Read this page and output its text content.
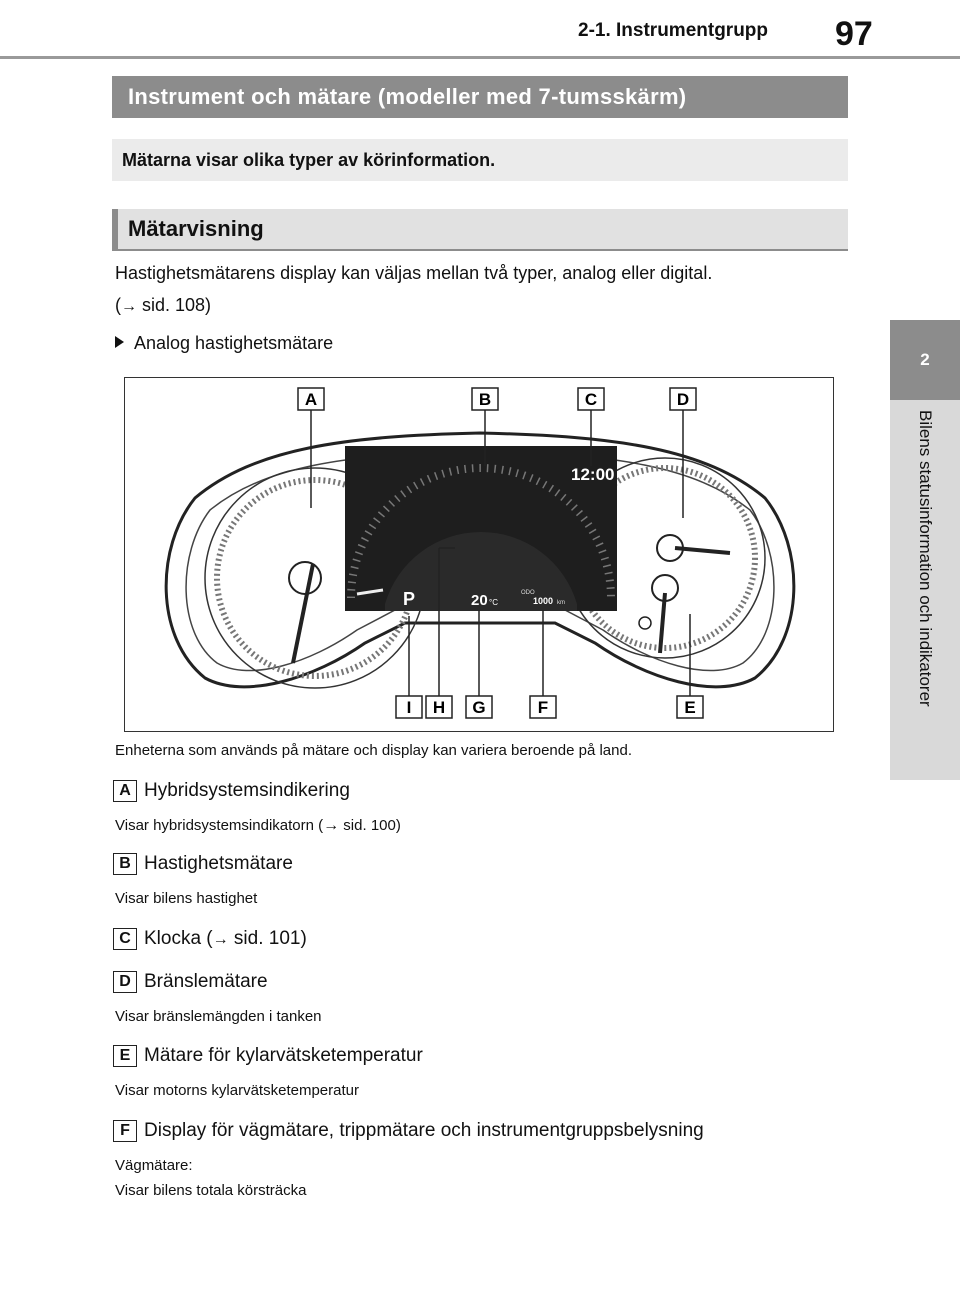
2-1. Instrumentgrupp 97
2
Bilens statusinformation och indikatorer
Instrument och mätare (modeller med 7-tumsskärm)
Mätarna visar olika typer av körinformation.
Mätarvisning
Hastighetsmätarens display kan väljas mellan två typer, analog eller digital.
(→ sid. 108)
Analog hastighetsmätare
12:00
P	20 °C
ODO
1000 km
A	B	C	D
I H G	F	E
Enheterna som används på mätare och display kan variera beroende på land.
A Hybridsystemsindikering
Visar hybridsystemsindikatorn (→ sid. 100)
B Hastighetsmätare
Visar bilens hastighet
C Klocka (→ sid. 101)
D Bränslemätare
Visar bränslemängden i tanken
E Mätare för kylarvätsketemperatur
Visar motorns kylarvätsketemperatur
F Display för vägmätare, trippmätare och instrumentgruppsbelysning
Vägmätare:
Visar bilens totala körsträcka
